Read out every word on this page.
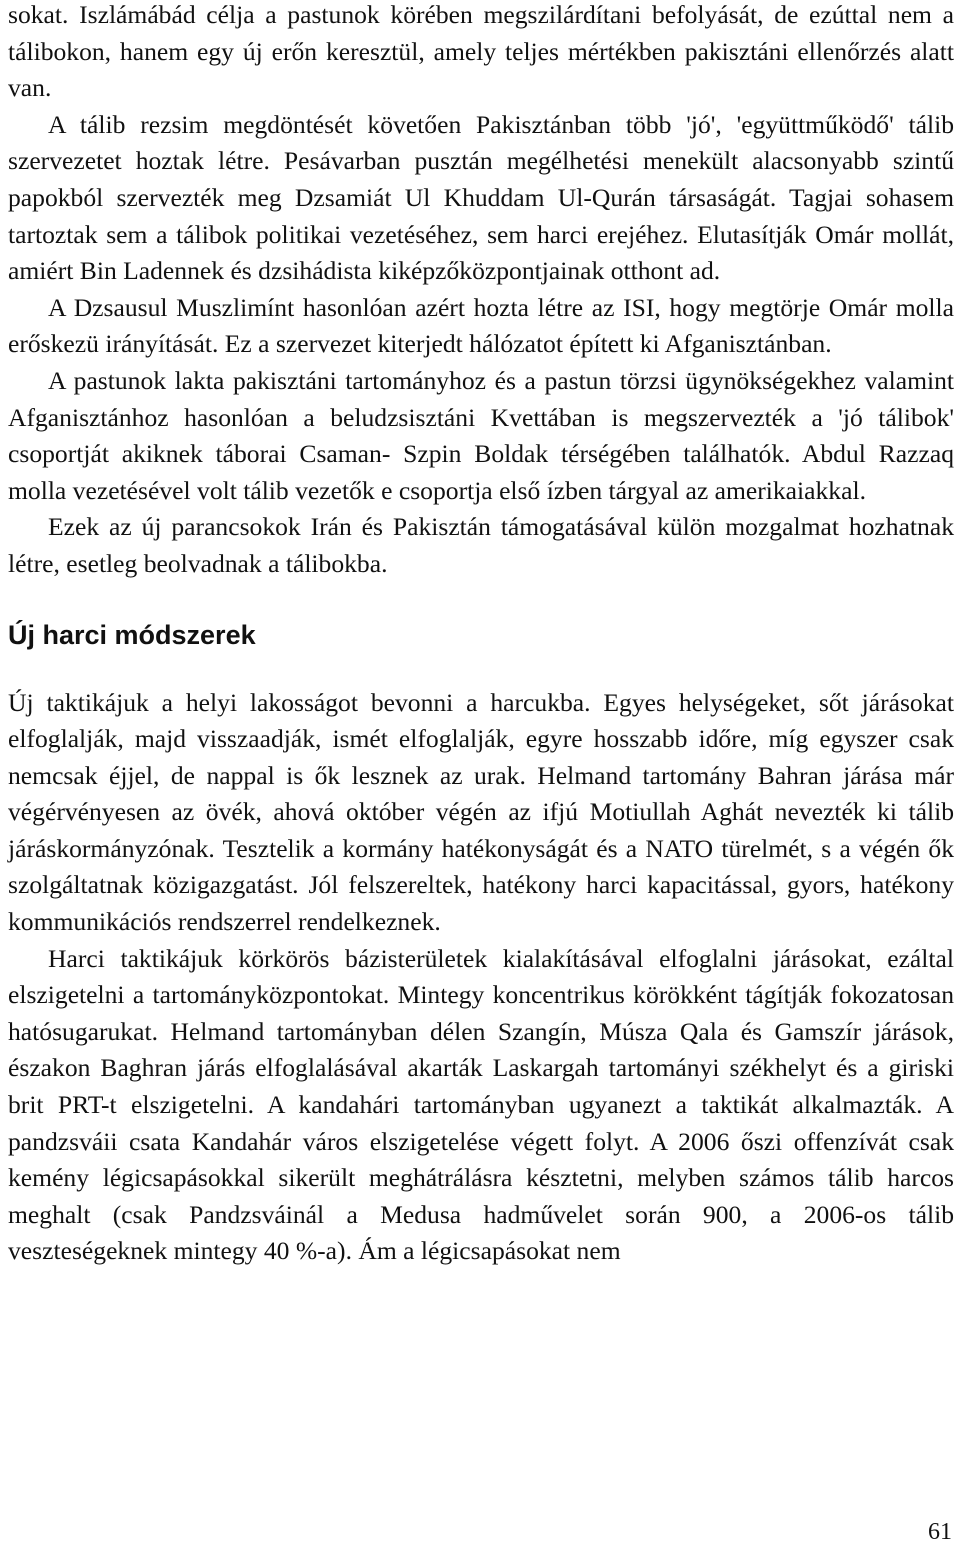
sokat. Iszlámábád célja a pastunok körében megszilárdítani befolyását, de ezúttal nem a tálibokon, hanem egy új erőn keresztül, amely teljes mértékben pakisztáni ellenőrzés alatt van.

A tálib rezsim megdöntését követően Pakisztánban több 'jó', 'együttműködő' tálib szervezetet hoztak létre. Pesávarban pusztán megélhetési menekült alacsonyabb szintű papokból szervezték meg Dzsamiát Ul Khuddam Ul-Qurán társaságát. Tagjai sohasem tartoztak sem a tálibok politikai vezetéséhez, sem harci erejéhez. Elutasítják Omár mollát, amiért Bin Ladennek és dzsihádista kiképzőközpontjainak otthont ad.

A Dzsausul Muszlimínt hasonlóan azért hozta létre az ISI, hogy megtörje Omár molla erőskezü irányítását. Ez a szervezet kiterjedt hálózatot épített ki Afganisztánban.

A pastunok lakta pakisztáni tartományhoz és a pastun törzsi ügynökségekhez valamint Afganisztánhoz hasonlóan a beludzsisztáni Kvettában is megszervezték a 'jó tálibok' csoportját akiknek táborai Csaman- Szpin Boldak térségében találhatók. Abdul Razzaq molla vezetésével volt tálib vezetők e csoportja első ízben tárgyal az amerikaiakkal.

Ezek az új parancsokok Irán és Pakisztán támogatásával külön mozgalmat hozhatnak létre, esetleg beolvadnak a tálibokba.

Új harci módszerek

Új taktikájuk a helyi lakosságot bevonni a harcukba. Egyes helységeket, sőt járásokat elfoglalják, majd visszaadják, ismét elfoglalják, egyre hosszabb időre, míg egyszer csak nemcsak éjjel, de nappal is ők lesznek az urak. Helmand tartomány Bahran járása már végérvényesen az övék, ahová október végén az ifjú Motiullah Aghát nevezték ki tálib járáskormányzónak. Tesztelik a kormány hatékonyságát és a NATO türelmét, s a végén ők szolgáltatnak közigazgatást. Jól felszereltek, hatékony harci kapacitással, gyors, hatékony kommunikációs rendszerrel rendelkeznek.

Harci taktikájuk körkörös bázisterületek kialakításával elfoglalni járásokat, ezáltal elszigetelni a tartományközpontokat. Mintegy koncentrikus körökként tágítják fokozatosan hatósugarukat. Helmand tartományban délen Szangín, Músza Qala és Gamszír járások, északon Baghran járás elfoglalásával akarták Laskargah tartományi székhelyt és a giriski brit PRT-t elszigetelni. A kandahári tartományban ugyanezt a taktikát alkalmazták. A pandzsváii csata Kandahár város elszigetelése végett folyt. A 2006 őszi offenzívát csak kemény légicsapásokkal sikerült meghátrálásra késztetni, melyben számos tálib harcos meghalt (csak Pandzsváinál a Medusa hadművelet során 900, a 2006-os tálib veszteségeknek mintegy 40 %-a). Ám a légicsapásokat nem

61
